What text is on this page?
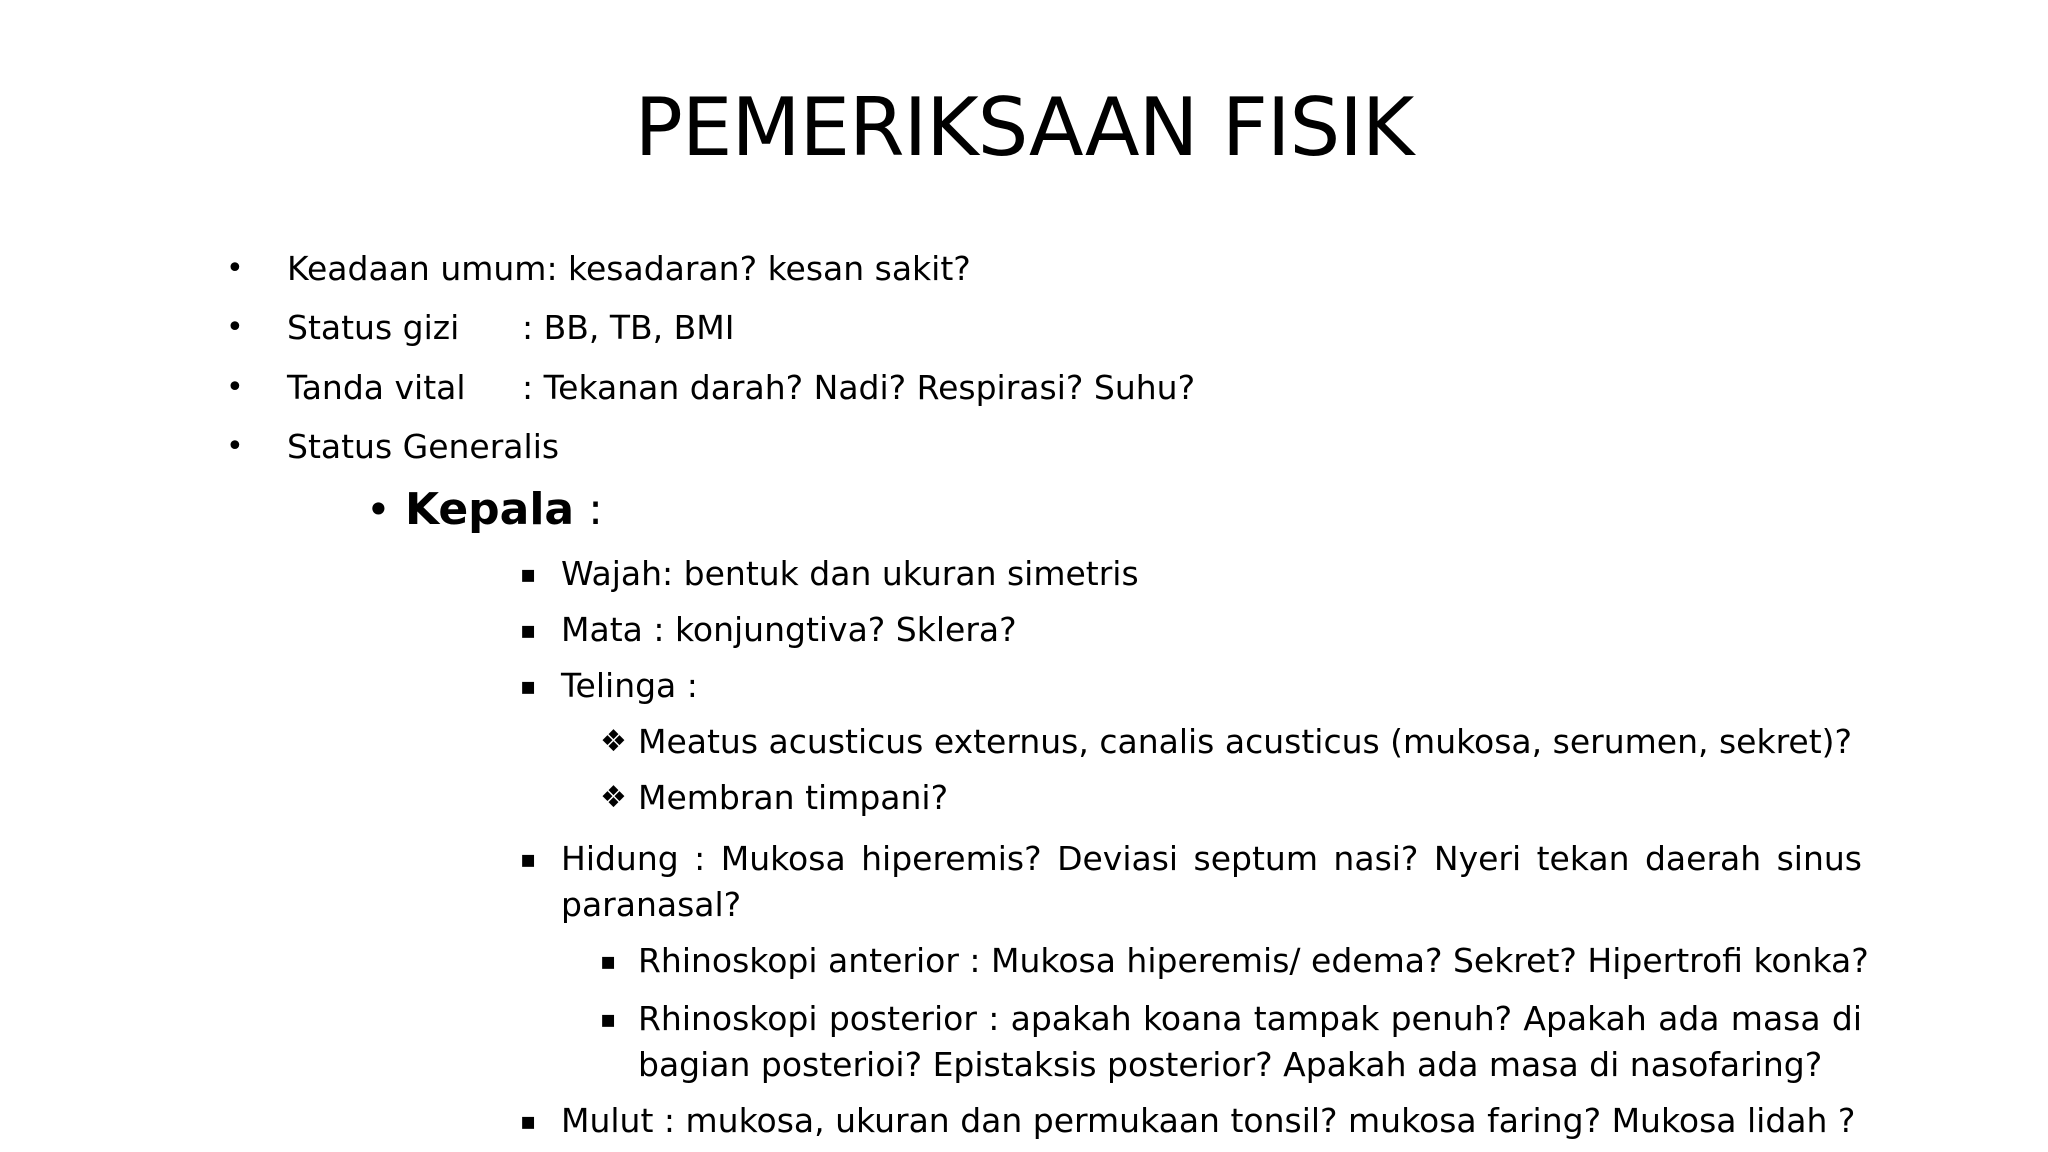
PEMERIKSAAN FISIK
• Keadaan umum: kesadaran? kesan sakit?
• Status gizi : BB, TB, BMI
• Tanda vital : Tekanan darah? Nadi? Respirasi? Suhu?
• Status Generalis
• Kepala :
▪ Wajah: bentuk dan ukuran simetris
▪ Mata : konjungtiva? Sklera?
▪ Telinga :
❖ Meatus acusticus externus, canalis acusticus (mukosa, serumen, sekret)?
❖ Membran timpani?
▪ Hidung : Mukosa hiperemis? Deviasi septum nasi? Nyeri tekan daerah sinus paranasal?
▪ Rhinoskopi anterior : Mukosa hiperemis/ edema? Sekret? Hipertrofi konka?
▪ Rhinoskopi posterior : apakah koana tampak penuh? Apakah ada masa di bagian posterioi? Epistaksis posterior? Apakah ada masa di nasofaring?
▪ Mulut : mukosa, ukuran dan permukaan tonsil? mukosa faring? Mukosa lidah ?
